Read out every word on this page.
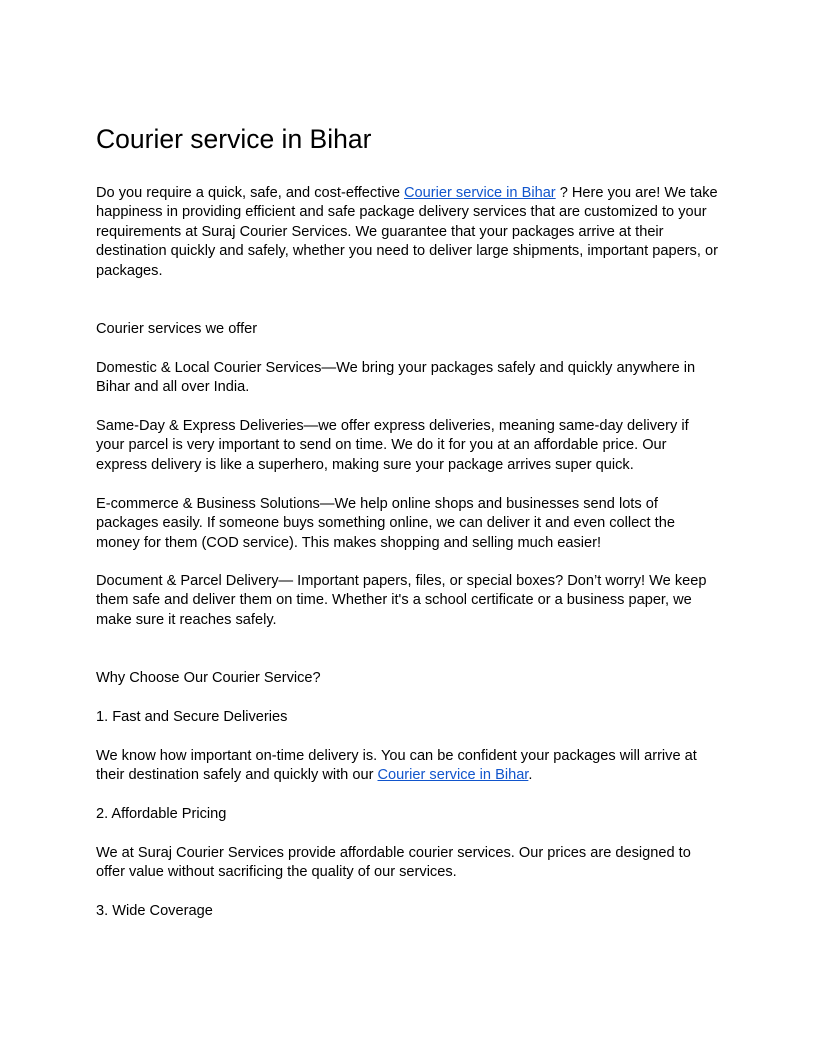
Courier service in Bihar

Do you require a quick, safe, and cost-effective Courier service in Bihar ? Here you are! We take happiness in providing efficient and safe package delivery services that are customized to your requirements at Suraj Courier Services. We guarantee that your packages arrive at their destination quickly and safely, whether you need to deliver large shipments, important papers, or packages.

Courier services we offer

Domestic & Local Courier Services—We bring your packages safely and quickly anywhere in Bihar and all over India.

Same-Day & Express Deliveries—we offer express deliveries, meaning same-day delivery if your parcel is very important to send on time. We do it for you at an affordable price. Our express delivery is like a superhero, making sure your package arrives super quick.

E-commerce & Business Solutions—We help online shops and businesses send lots of packages easily. If someone buys something online, we can deliver it and even collect the money for them (COD service). This makes shopping and selling much easier!

Document & Parcel Delivery— Important papers, files, or special boxes? Don’t worry! We keep them safe and deliver them on time. Whether it's a school certificate or a business paper, we make sure it reaches safely.

Why Choose Our Courier Service?

1. Fast and Secure Deliveries

We know how important on-time delivery is. You can be confident your packages will arrive at their destination safely and quickly with our Courier service in Bihar.

2. Affordable Pricing

We at Suraj Courier Services provide affordable courier services. Our prices are designed to offer value without sacrificing the quality of our services.

3. Wide Coverage
